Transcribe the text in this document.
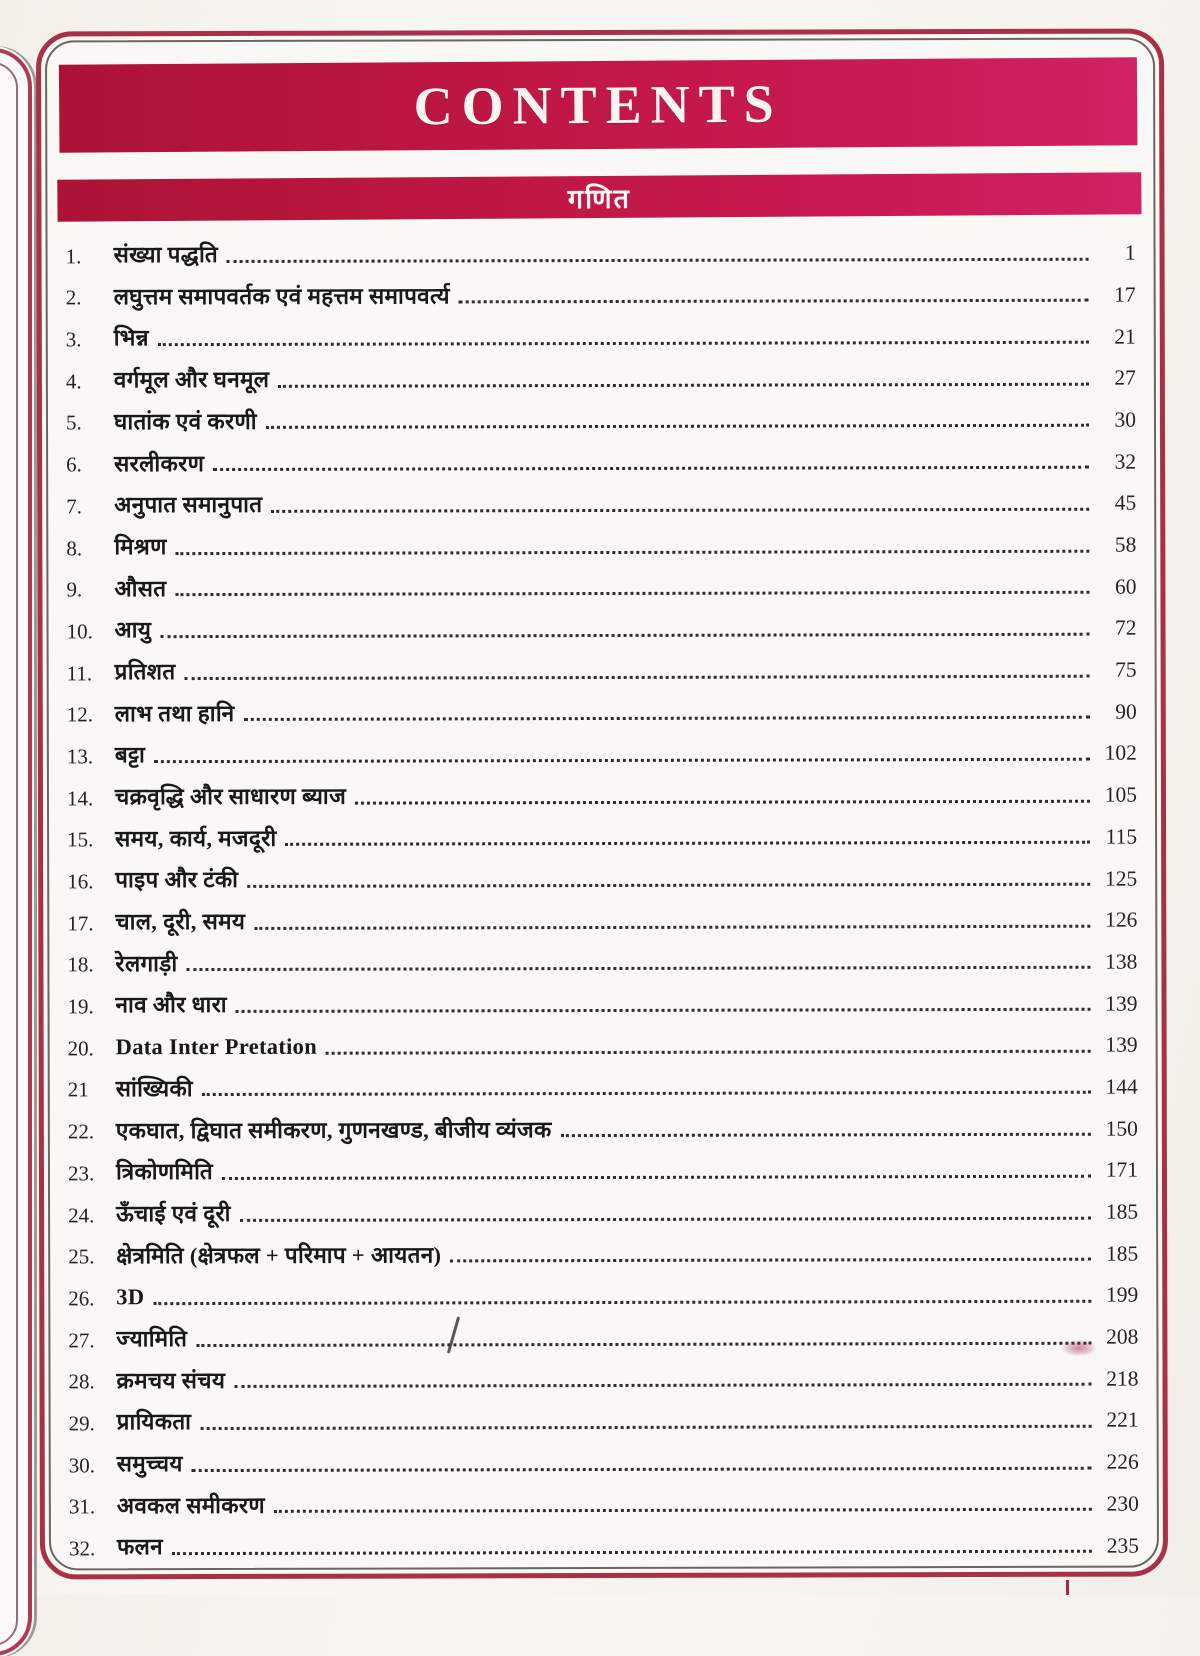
CONTENTS
गणित
1.	संख्या पद्धति	1
2.	लघुत्तम समापवर्तक एवं महत्तम समापवर्त्य	17
3.	भिन्न	21
4.	वर्गमूल और घनमूल	27
5.	घातांक एवं करणी	30
6.	सरलीकरण	32
7.	अनुपात समानुपात	45
8.	मिश्रण	58
9.	औसत	60
10. आयु	72
11. प्रतिशत	75
12. लाभ तथा हानि	90
13. बट्टा	102
14. चक्रवृद्धि और साधारण ब्याज	105
15. समय, कार्य, मजदूरी	115
16. पाइप और टंकी	125
17. चाल, दूरी, समय	126
18. रेलगाड़ी	138
19. नाव और धारा	139
20. Data Inter Pretation	139
21	सांख्यिकी	144
22. एकघात, द्विघात समीकरण, गुणनखण्ड, बीजीय व्यंजक	150
23. त्रिकोणमिति	171
24. ऊँचाई एवं दूरी	185
25. क्षेत्रमिति (क्षेत्रफल + परिमाप + आयतन)	185
26. 3D	199
27. ज्यामिति	208
28. क्रमचय संचय	218
29. प्रायिकता	221
30. समुच्चय	226
31. अवकल समीकरण	230
32. फलन	235
